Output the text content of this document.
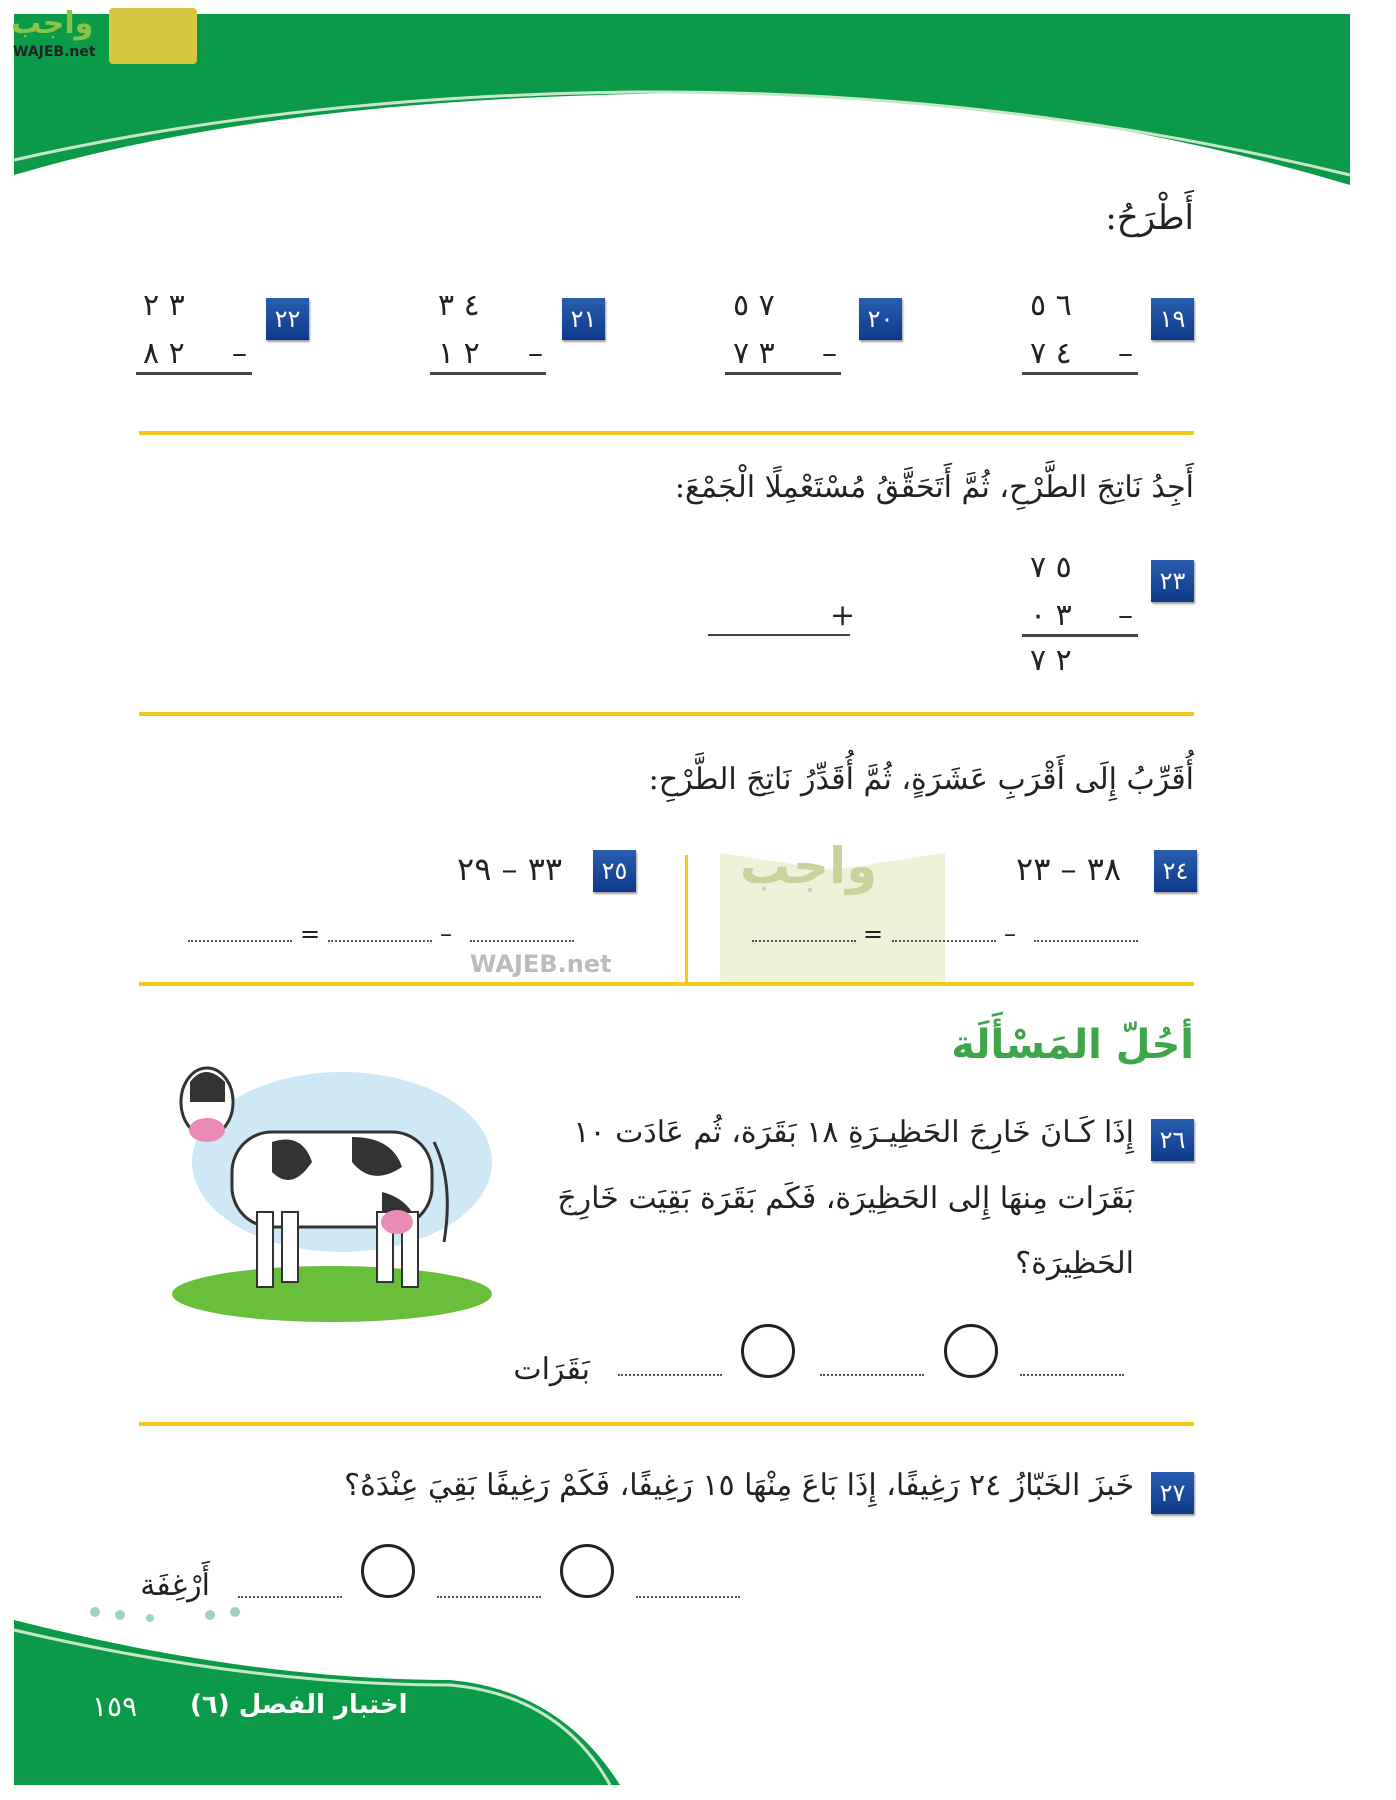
واجب
WAJEB.net
أَطْرَحُ:
١٩
٦ ٥
٤ ٧ –
٢٠
٧ ٥
٣ ٧ –
٢١
٤ ٣
٢ ١ –
٢٢
٣ ٢
٢ ٨ –
أَجِدُ نَاتِجَ الطَّرْحِ، ثُمَّ أَتَحَقَّقُ مُسْتَعْمِلًا الْجَمْعَ:
٢٣
٥ ٧
٣ ٠ –
٢ ٧
+
واجب
WAJEB.net
أُقَرِّبُ إِلَى أَقْرَبِ عَشَرَةٍ، ثُمَّ أُقَدِّرُ نَاتِجَ الطَّرْحِ:
٢٤
٣٨ – ٢٣
٢٥
٣٣ – ٢٩
–
=
–
=
أحُلّ المَسْأَلَة
٢٦
إِذَا كَـانَ خَارِجَ الحَظِيـرَةِ ١٨ بَقَرَة، ثُم عَادَت ١٠
بَقَرَات مِنهَا إِلى الحَظِيرَة، فَكَم بَقَرَة بَقِيَت خَارِجَ
الحَظِيرَة؟
بَقَرَات
٢٧
خَبزَ الخَبّازُ ٢٤ رَغِيفًا، إِذَا بَاعَ مِنْهَا ١٥ رَغِيفًا، فَكَمْ رَغِيفًا بَقِيَ عِنْدَهُ؟
أَرْغِفَة
اختبار الفصل (٦)
١٥٩
